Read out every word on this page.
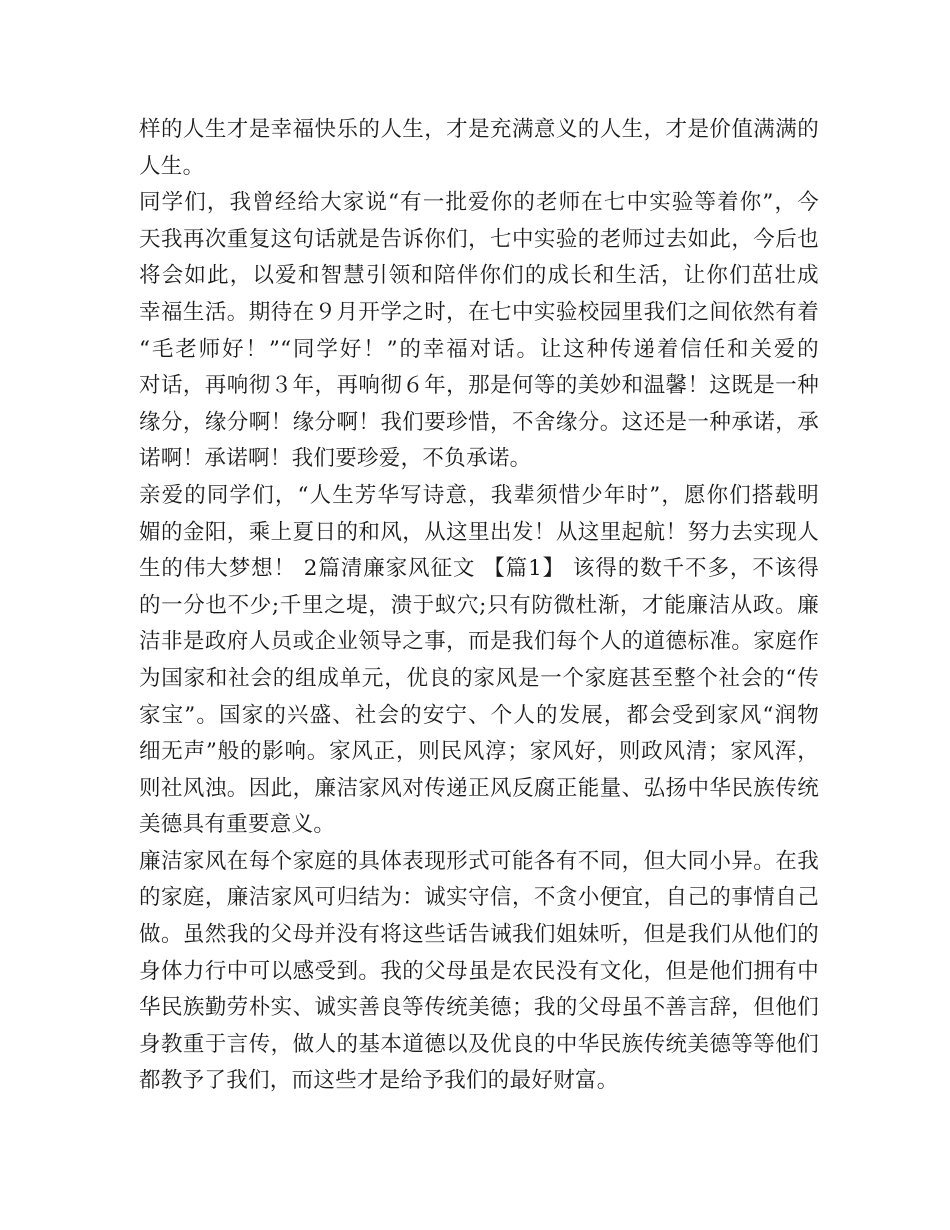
样的人生才是幸福快乐的人生，才是充满意义的人生，才是价值满满的
人生。
同学们，我曾经给大家说“有一批爱你的老师在七中实验等着你”，今
天我再次重复这句话就是告诉你们，七中实验的老师过去如此，今后也
将会如此，以爱和智慧引领和陪伴你们的成长和生活，让你们茁壮成
幸福生活。期待在９月开学之时，在七中实验校园里我们之间依然有着
“毛老师好！”“同学好！”的幸福对话。让这种传递着信任和关爱的
对话，再响彻３年，再响彻６年，那是何等的美妙和温馨！这既是一种
缘分，缘分啊！缘分啊！我们要珍惜，不舍缘分。这还是一种承诺，承
诺啊！承诺啊！我们要珍爱，不负承诺。
亲爱的同学们，“人生芳华写诗意，我辈须惜少年时”，愿你们搭载明
媚的金阳，乘上夏日的和风，从这里出发！从这里起航！努力去实现人
生的伟大梦想！ 2篇清廉家风征文 【篇1】 该得的数千不多，不该得
的一分也不少;千里之堤，溃于蚁穴;只有防微杜渐，才能廉洁从政。廉
洁非是政府人员或企业领导之事，而是我们每个人的道德标准。家庭作
为国家和社会的组成单元，优良的家风是一个家庭甚至整个社会的“传
家宝”。国家的兴盛、社会的安宁、个人的发展，都会受到家风“润物
细无声”般的影响。家风正，则民风淳；家风好，则政风清；家风浑，
则社风浊。因此，廉洁家风对传递正风反腐正能量、弘扬中华民族传统
美德具有重要意义。
廉洁家风在每个家庭的具体表现形式可能各有不同，但大同小异。在我
的家庭，廉洁家风可归结为：诚实守信，不贪小便宜，自己的事情自己
做。虽然我的父母并没有将这些话告诫我们姐妹听，但是我们从他们的
身体力行中可以感受到。我的父母虽是农民没有文化，但是他们拥有中
华民族勤劳朴实、诚实善良等传统美德；我的父母虽不善言辞，但他们
身教重于言传，做人的基本道德以及优良的中华民族传统美德等等他们
都教予了我们，而这些才是给予我们的最好财富。
